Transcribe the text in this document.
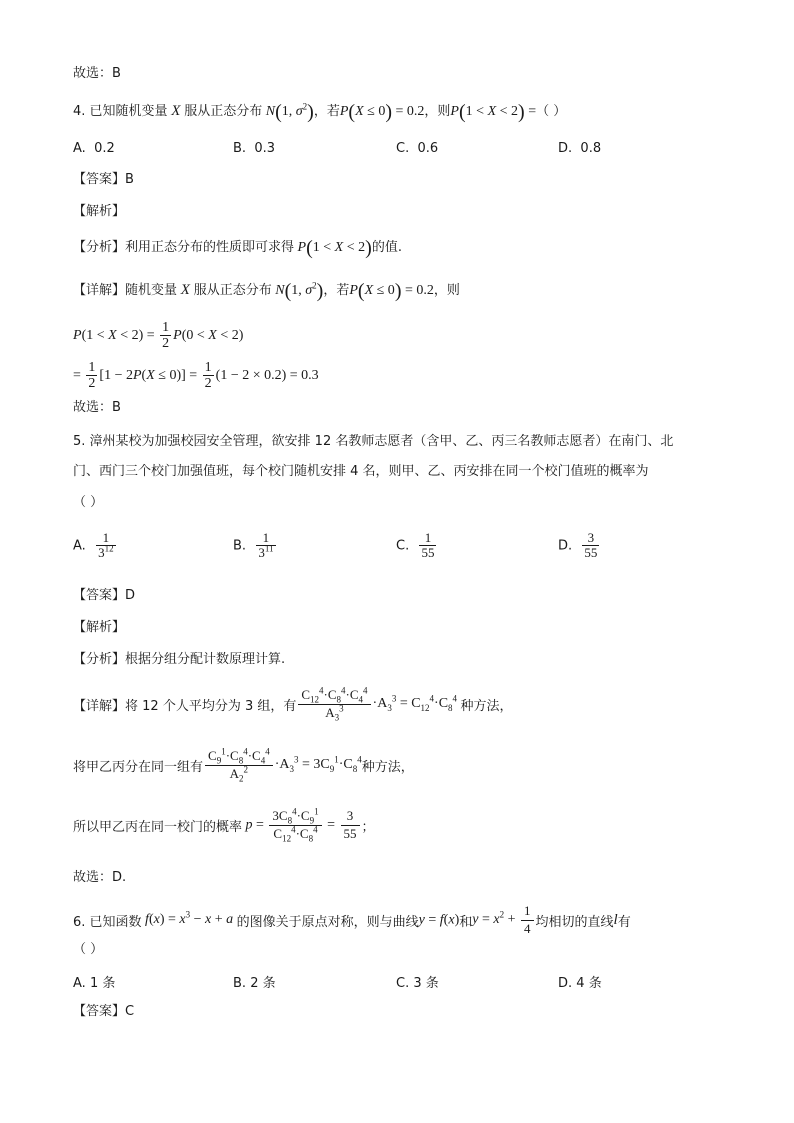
故选：B
4. 已知随机变量 X 服从正态分布 N(1, $\sigma^2$)，若P(X ≤ 0) = 0.2，则P(1 < X < 2) =（ ）
A. 0.2	B. 0.3	C. 0.6	D. 0.8
【答案】B
【解析】
【分析】利用正态分布的性质即可求得 P(1 < X < 2)的值.
【详解】随机变量 X 服从正态分布 N(1, $\sigma^2$)，若P(X ≤ 0) = 0.2，则
$P(1 < X < 2) = \frac{1}{2} P(0 < X < 2)$
= $\frac{1}{2} [1 - 2P(X \le 0)] = \frac{1}{2} (1 - 2 \times 0.2) = 0.3$
故选：B
5. 漳州某校为加强校园安全管理，欲安排 12 名教师志愿者（含甲、乙、丙三名教师志愿者）在南门、北
门、西门三个校门加强值班，每个校门随机安排 4 名，则甲、乙、丙安排在同一个校门值班的概率为
（ ）
A. $\frac{1}{3^{12}}$	B. $\frac{1}{3^{11}}$	C. $\frac{1}{55}$	D. $\frac{3}{55}$
【答案】D
【解析】
【分析】根据分组分配计数原理计算.
【详解】将 12 个人平均分为 3 组，有 $\frac{C_{12}^4\cdot C_8^4\cdot C_4^4}{A_3^3} \cdot A_3^3 = C_{12}^4\cdot C_8^4$ 种方法，
将甲乙丙分在同一组有 $\frac{C_9^1\cdot C_8^4\cdot C_4^4}{A_2^2} \cdot A_3^3 = 3C_9^1\cdot C_8^4$种方法，
所以甲乙丙在同一校门的概率 $p = \frac{3C_8^4\cdot C_9^1}{C_{12}^4\cdot C_8^4} = \frac{3}{55}$ ；
故选：D.
6. 已知函数 $f(x) = x^3 - x + a$ 的图像关于原点对称，则与曲线y = f(x)和$y = x^2 + \frac{1}{4}$ 均相切的直线l有
（ ）
A. 1 条	B. 2 条	C. 3 条	D. 4 条
【答案】C
